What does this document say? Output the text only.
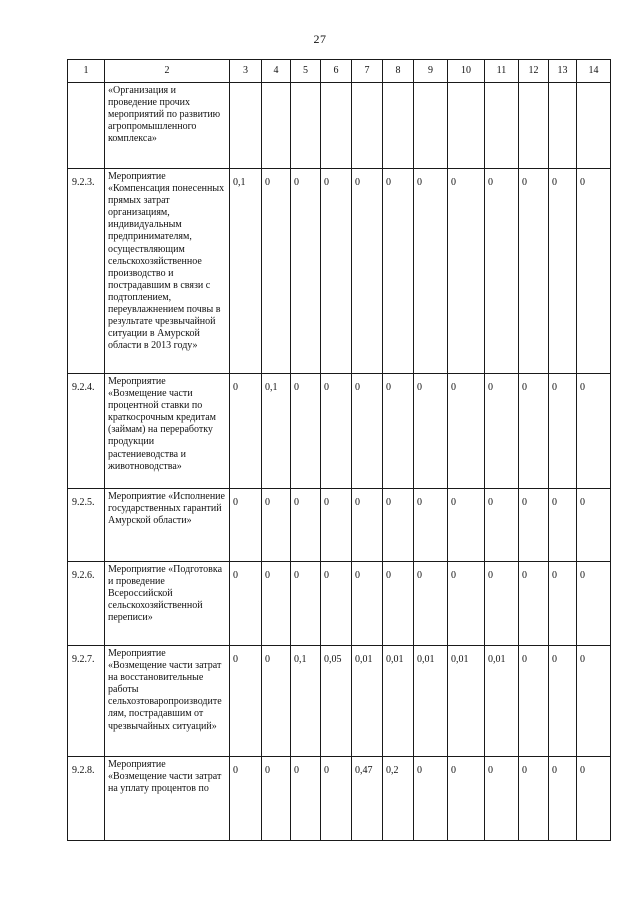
27
1	2	3	4	5	6	7	8	9	10	11	12	13	14
	«Организация и проведение прочих мероприятий по развитию агропромышленного комплекса»												
9.2.3.	Мероприятие «Компенсация понесенных прямых затрат организациям, индивидуальным предпринимателям, осуществляющим сельскохозяйственное производство и пострадавшим в связи с подтоплением, переувлажнением почвы в результате чрезвычайной ситуации в Амурской области в 2013 году»	0,1	0	0	0	0	0	0	0	0	0	0	0
9.2.4.	Мероприятие «Возмещение части процентной ставки по краткосрочным кредитам (займам) на переработку продукции растениеводства и животноводства»	0	0,1	0	0	0	0	0	0	0	0	0	0
9.2.5.	Мероприятие «Исполнение государственных гарантий Амурской области»	0	0	0	0	0	0	0	0	0	0	0	0
9.2.6.	Мероприятие «Подготовка и проведение Всероссийской сельскохозяйственной переписи»	0	0	0	0	0	0	0	0	0	0	0	0
9.2.7.	Мероприятие «Возмещение части затрат на восстановительные работы сельхозтоваропроизводителям, пострадавшим от чрезвычайных ситуаций»	0	0	0,1	0,05	0,01	0,01	0,01	0,01	0,01	0	0	0
9.2.8.	Мероприятие «Возмещение части затрат на уплату процентов по	0	0	0	0	0,47	0,2	0	0	0	0	0	0
